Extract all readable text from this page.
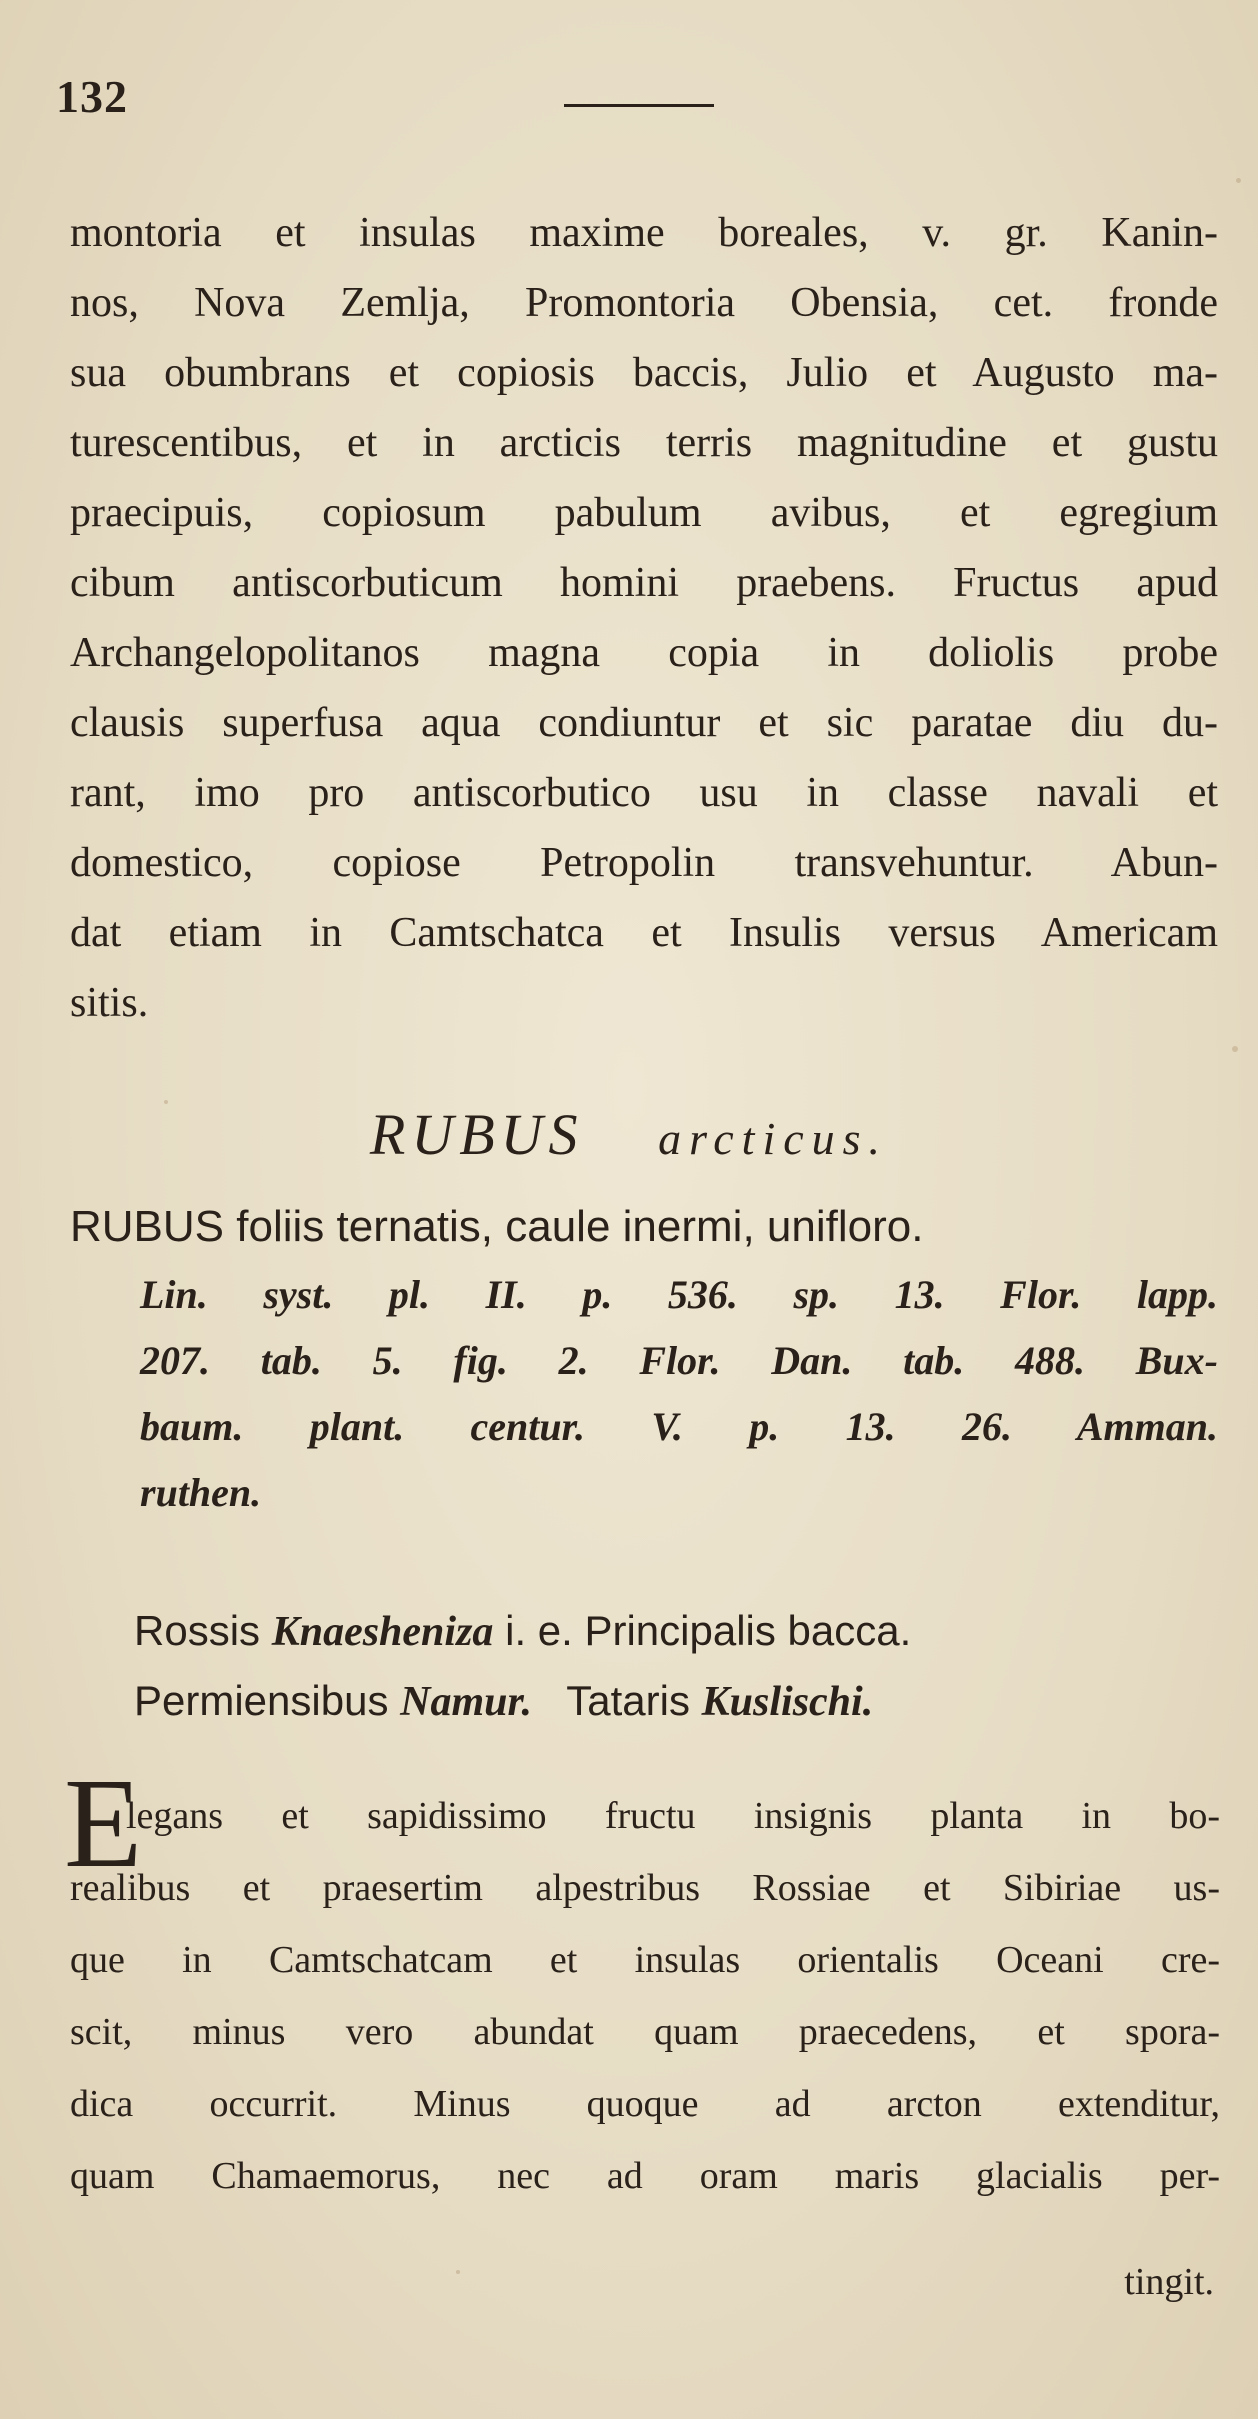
132
montoria et insulas maxime boreales, v. gr. Kanin-
nos, Nova Zemlja, Promontoria Obensia, cet. fronde
sua obumbrans et copiosis baccis, Julio et Augusto ma-
turescentibus, et in arcticis terris magnitudine et gustu
praecipuis, copiosum pabulum avibus, et egregium
cibum antiscorbuticum homini praebens. Fructus apud
Archangelopolitanos magna copia in doliolis probe
clausis superfusa aqua condiuntur et sic paratae diu du-
rant, imo pro antiscorbutico usu in classe navali et
domestico, copiose Petropolin transvehuntur. Abun-
dat etiam in Camtschatca et Insulis versus Americam
sitis.
RUBUS arcticus.
RUBUS foliis ternatis, caule inermi, unifloro.
Lin. syst. pl. II. p. 536. sp. 13. Flor. lapp.
207. tab. 5. fig. 2. Flor. Dan. tab. 488. Bux-
baum. plant. centur. V. p. 13. 26. Amman.
ruthen.
Rossis Knaesheniza i. e. Principalis bacca.
Permiensibus Namur. Tataris Kuslischi.
E
legans et sapidissimo fructu insignis planta in bo-
realibus et praesertim alpestribus Rossiae et Sibiriae us-
que in Camtschatcam et insulas orientalis Oceani cre-
scit, minus vero abundat quam praecedens, et spora-
dica occurrit. Minus quoque ad arcton extenditur,
quam Chamaemorus, nec ad oram maris glacialis per-
tingit.
